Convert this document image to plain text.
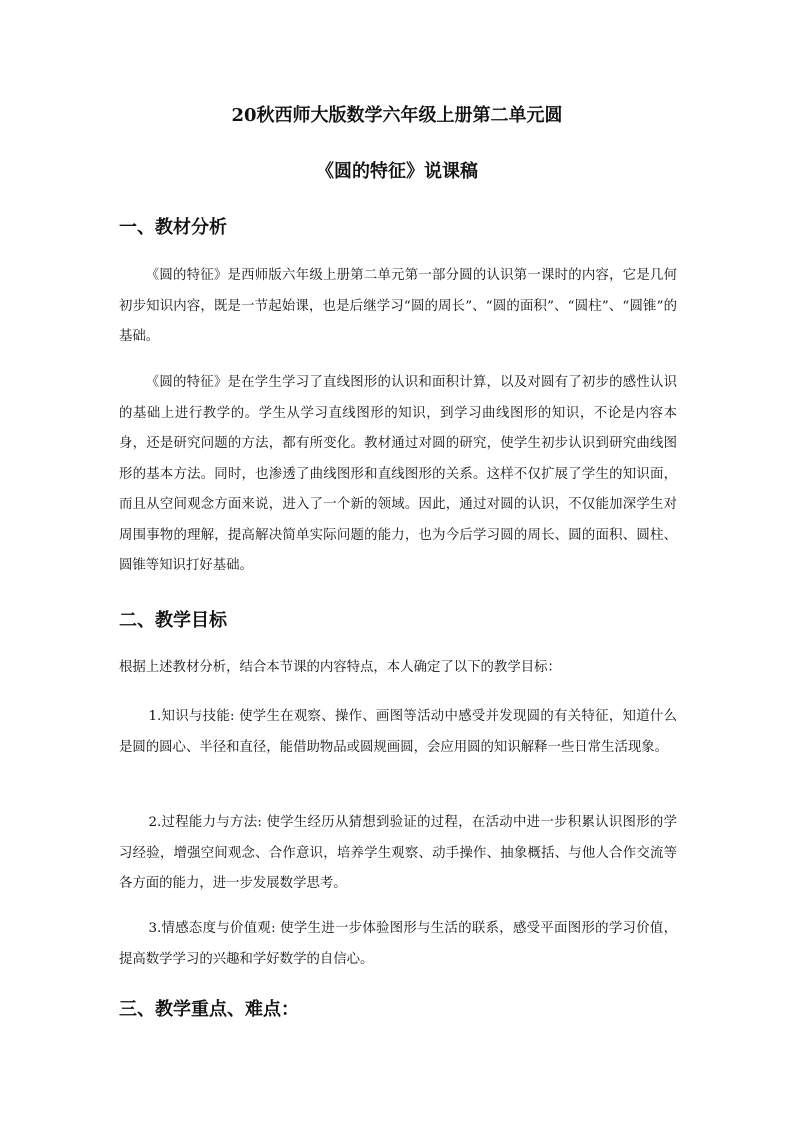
20秋西师大版数学六年级上册第二单元圆
《圆的特征》说课稿
一、教材分析

《圆的特征》是西师版六年级上册第二单元第一部分圆的认识第一课时的内容，它是几何初步知识内容，既是一节起始课，也是后继学习“圆的周长”、“圆的面积”、“圆柱”、“圆锥”的基础。

《圆的特征》是在学生学习了直线图形的认识和面积计算，以及对圆有了初步的感性认识的基础上进行教学的。学生从学习直线图形的知识，到学习曲线图形的知识，不论是内容本身，还是研究问题的方法，都有所变化。教材通过对圆的研究，使学生初步认识到研究曲线图形的基本方法。同时，也渗透了曲线图形和直线图形的关系。这样不仅扩展了学生的知识面，而且从空间观念方面来说，进入了一个新的领域。因此，通过对圆的认识，不仅能加深学生对周围事物的理解，提高解决简单实际问题的能力，也为今后学习圆的周长、圆的面积、圆柱、圆锥等知识打好基础。

二、教学目标

根据上述教材分析，结合本节课的内容特点，本人确定了以下的教学目标：

1.知识与技能: 使学生在观察、操作、画图等活动中感受并发现圆的有关特征，知道什么是圆的圆心、半径和直径，能借助物品或圆规画圆，会应用圆的知识解释一些日常生活现象。

2.过程能力与方法: 使学生经历从猜想到验证的过程，在活动中进一步积累认识图形的学习经验，增强空间观念、合作意识，培养学生观察、动手操作、抽象概括、与他人合作交流等各方面的能力，进一步发展数学思考。

3.情感态度与价值观: 使学生进一步体验图形与生活的联系，感受平面图形的学习价值，提高数学学习的兴趣和学好数学的自信心。

三、教学重点、难点：
